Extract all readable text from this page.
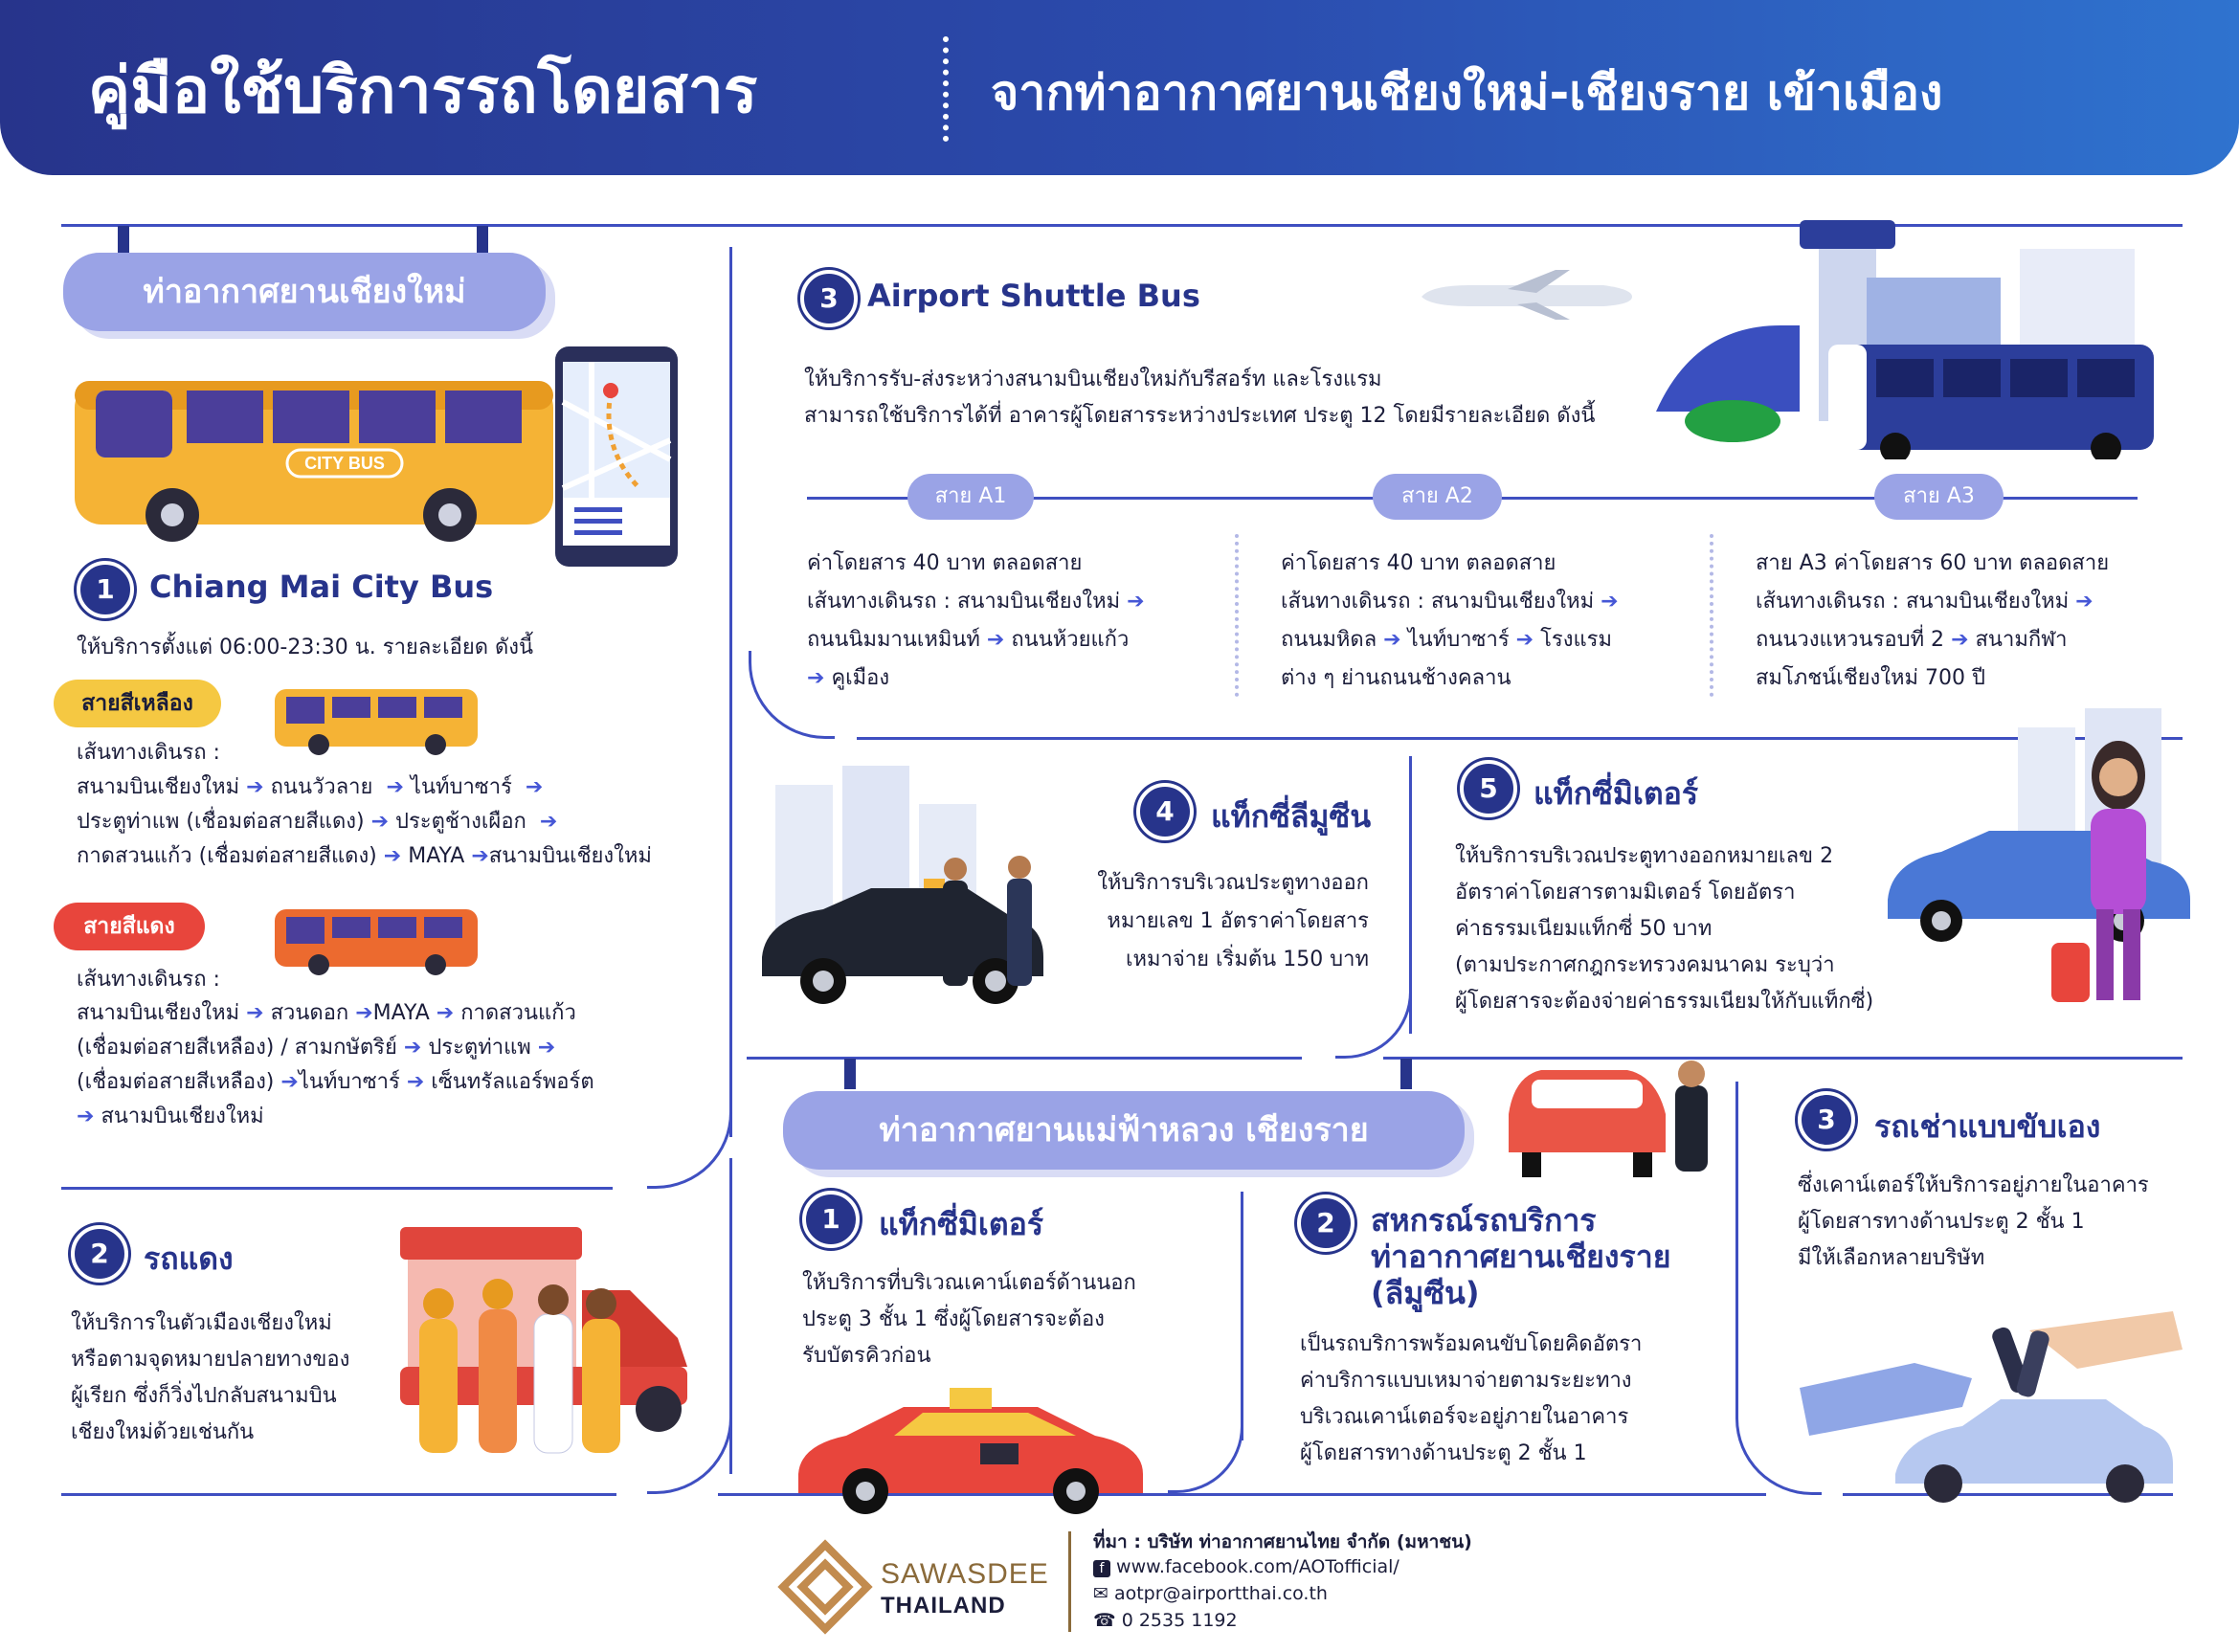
คู่มือใช้บริการรถโดยสาร	จากท่าอากาศยานเชียงใหม่-เชียงราย เข้าเมือง
ท่าอากาศยานเชียงใหม่
CITY BUS
1	Chiang Mai City Bus
ให้บริการตั้งแต่ 06:00-23:30 น. รายละเอียด ดังนี้
สายสีเหลือง
เส้นทางเดินรถ :
สนามบินเชียงใหม่ ➔ ถนนวัวลาย ➔ ไนท์บาซาร์ ➔
ประตูท่าแพ (เชื่อมต่อสายสีแดง) ➔ ประตูช้างเผือก ➔
กาดสวนแก้ว (เชื่อมต่อสายสีแดง) ➔ MAYA ➔สนามบินเชียงใหม่
สายสีแดง
เส้นทางเดินรถ :
สนามบินเชียงใหม่ ➔ สวนดอก ➔MAYA ➔ กาดสวนแก้ว
(เชื่อมต่อสายสีเหลือง) / สามกษัตริย์ ➔ ประตูท่าแพ ➔
(เชื่อมต่อสายสีเหลือง) ➔ไนท์บาซาร์ ➔ เซ็นทรัลแอร์พอร์ต
➔ สนามบินเชียงใหม่
2	รถแดง
ให้บริการในตัวเมืองเชียงใหม่
หรือตามจุดหมายปลายทางของ
ผู้เรียก ซึ่งก็วิ่งไปกลับสนามบิน
เชียงใหม่ด้วยเช่นกัน
3 Airport Shuttle Bus
ให้บริการรับ-ส่งระหว่างสนามบินเชียงใหม่กับรีสอร์ท และโรงแรม
สามารถใช้บริการได้ที่ อาคารผู้โดยสารระหว่างประเทศ ประตู 12 โดยมีรายละเอียด ดังนี้
สาย A1	สาย A2	สาย A3
ค่าโดยสาร 40 บาท ตลอดสาย
เส้นทางเดินรถ : สนามบินเชียงใหม่ ➔
ถนนนิมมานเหมินท์ ➔ ถนนห้วยแก้ว
➔ คูเมือง
ค่าโดยสาร 40 บาท ตลอดสาย
เส้นทางเดินรถ : สนามบินเชียงใหม่ ➔
ถนนมหิดล ➔ ไนท์บาซาร์ ➔ โรงแรม
ต่าง ๆ ย่านถนนช้างคลาน
สาย A3 ค่าโดยสาร 60 บาท ตลอดสาย
เส้นทางเดินรถ : สนามบินเชียงใหม่ ➔
ถนนวงแหวนรอบที่ 2 ➔ สนามกีฬา
สมโภชน์เชียงใหม่ 700 ปี
4	แท็กซี่ลีมูซีน
ให้บริการบริเวณประตูทางออก
หมายเลข 1 อัตราค่าโดยสาร
เหมาจ่าย เริ่มต้น 150 บาท
5	แท็กซี่มิเตอร์
ให้บริการบริเวณประตูทางออกหมายเลข 2
อัตราค่าโดยสารตามมิเตอร์ โดยอัตรา
ค่าธรรมเนียมแท็กซี่ 50 บาท
(ตามประกาศกฎกระทรวงคมนาคม ระบุว่า
ผู้โดยสารจะต้องจ่ายค่าธรรมเนียมให้กับแท็กซี่)
ท่าอากาศยานแม่ฟ้าหลวง เชียงราย
1	แท็กซี่มิเตอร์
ให้บริการที่บริเวณเคาน์เตอร์ด้านนอก
ประตู 3 ชั้น 1 ซึ่งผู้โดยสารจะต้อง
รับบัตรคิวก่อน
2	สหกรณ์รถบริการ
ท่าอากาศยานเชียงราย
(ลีมูซีน)
เป็นรถบริการพร้อมคนขับโดยคิดอัตรา
ค่าบริการแบบเหมาจ่ายตามระยะทาง
บริเวณเคาน์เตอร์จะอยู่ภายในอาคาร
ผู้โดยสารทางด้านประตู 2 ชั้น 1
3	รถเช่าแบบขับเอง
ซึ่งเคาน์เตอร์ให้บริการอยู่ภายในอาคาร
ผู้โดยสารทางด้านประตู 2 ชั้น 1
มีให้เลือกหลายบริษัท
SAWASDEE
THAILAND
ที่มา : บริษัท ท่าอากาศยานไทย จำกัด (มหาชน)
f www.facebook.com/AOTofficial/
✉ aotpr@airportthai.co.th
☎ 0 2535 1192
